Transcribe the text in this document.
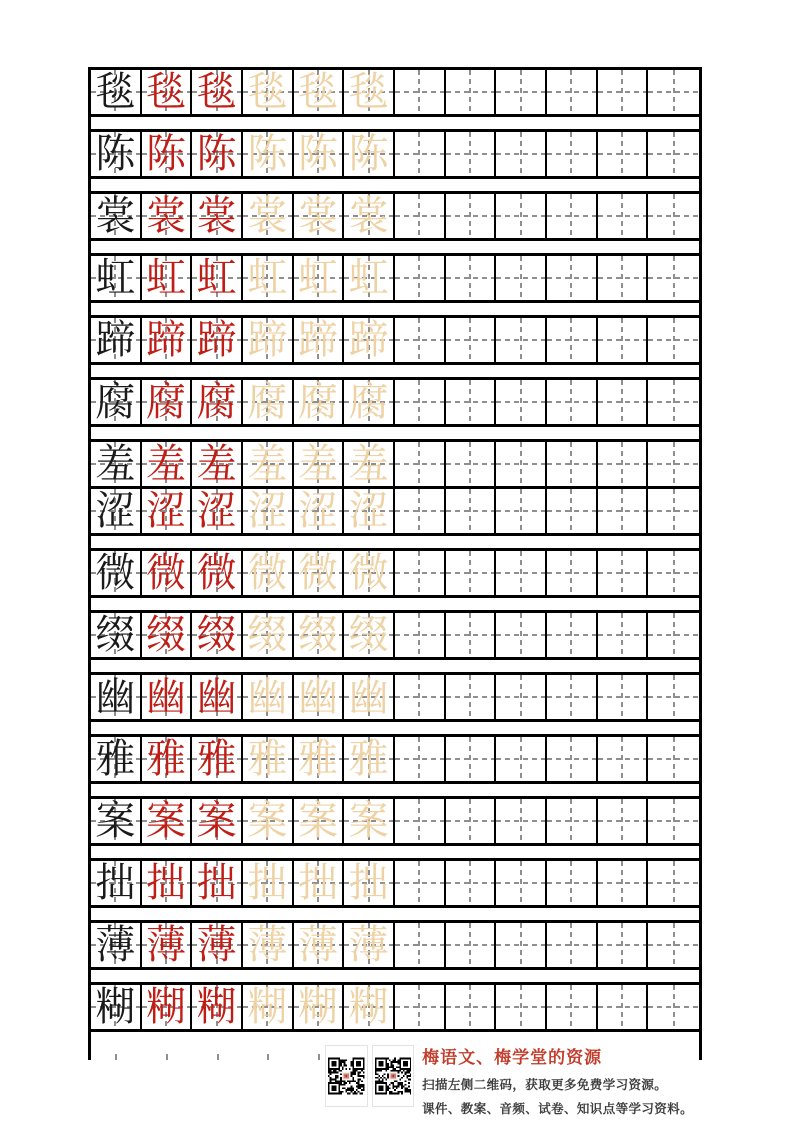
毯 毯 毯 毯 毯 毯
陈 陈 陈 陈 陈 陈
裳 裳 裳 裳 裳 裳
虹 虹 虹 虹 虹 虹
蹄 蹄 蹄 蹄 蹄 蹄
腐 腐 腐 腐 腐 腐
羞 羞 羞 羞 羞 羞
涩 涩 涩 涩 涩 涩
微 微 微 微 微 微
缀 缀 缀 缀 缀 缀
幽 幽 幽 幽 幽 幽
雅 雅 雅 雅 雅 雅
案 案 案 案 案 案
拙 拙 拙 拙 拙 拙
薄 薄 薄 薄 薄 薄
糊 糊 糊 糊 糊 糊

梅语文、梅学堂的资源

扫描左侧二维码，获取更多免费学习资源。

课件、教案、音频、试卷、知识点等学习资料。
